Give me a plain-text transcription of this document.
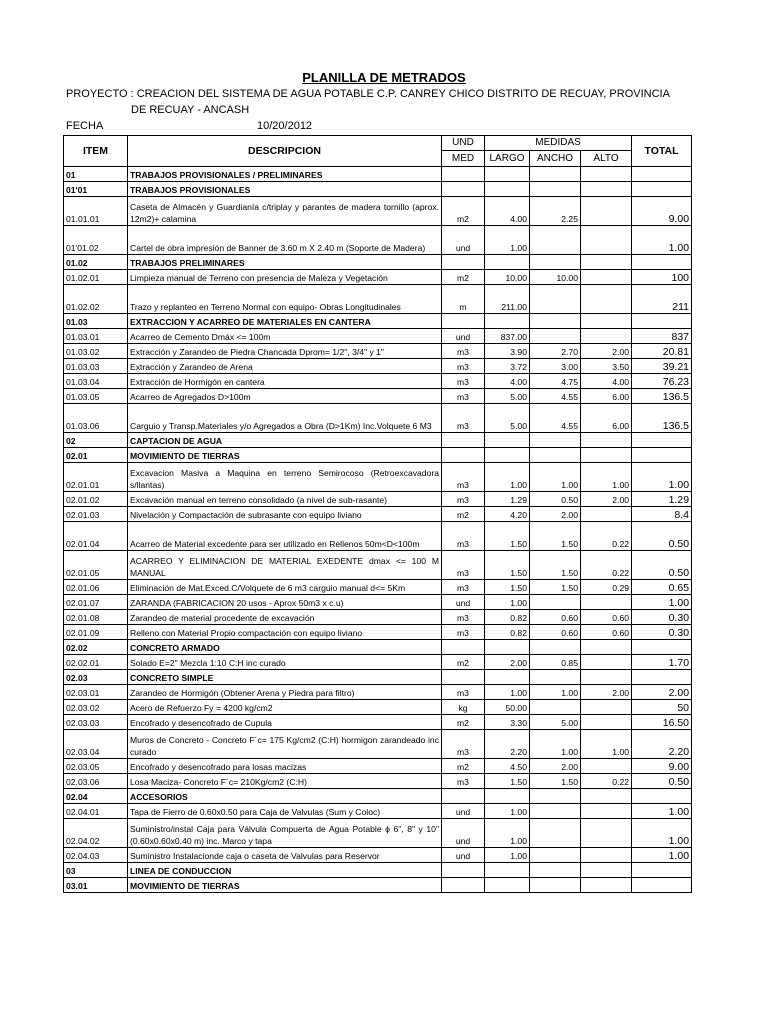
PLANILLA DE METRADOS
PROYECTO : CREACION DEL SISTEMA DE AGUA POTABLE C.P. CANREY CHICO DISTRITO DE RECUAY, PROVINCIA
DE RECUAY - ANCASH
FECHA	10/20/2012
ITEM	DESCRIPCION	UND	MEDIDAS			TOTAL
		MED	LARGO	ANCHO	ALTO	
01	TRABAJOS PROVISIONALES / PRELIMINARES					
01'01	TRABAJOS PROVISIONALES					
01.01.01	Caseta de Almacén y Guardianía c/triplay y parantes de madera tornillo (aprox. 12m2)+ calamina	m2	4.00	2.25		9.00
01'01.02	Cartel de obra impresión de Banner de 3.60 m X 2.40 m (Soporte de Madera)	und	1.00			1.00
01.02	TRABAJOS PRELIMINARES					
01.02.01	Limpieza manual de Terreno con presencia de Maleza y Vegetación	m2	10.00	10.00		100
01.02.02	Trazo y replanteo en Terreno Normal con equipo- Obras Longitudinales	m	211.00			211
01.03	EXTRACCION Y ACARREO DE MATERIALES EN CANTERA					
01.03.01	Acarreo de Cemento Dmáx <= 100m	und	837.00			837
01.03.02	Extracción y Zarandeo de Piedra Chancada Dprom= 1/2", 3/4" y 1"	m3	3.90	2.70	2.00	20.81
01.03.03	Extracción y Zarandeo de Arena	m3	3.72	3.00	3.50	39.21
01.03.04	Extracción de Hormigón en cantera	m3	4.00	4.75	4.00	76.23
01.03.05	Acarreo de Agregados D>100m	m3	5.00	4.55	6.00	136.5
01.03.06	Carguio y Transp.Materiales y/o Agregados a Obra (D>1Km) Inc.Volquete 6 M3	m3	5.00	4.55	6.00	136.5
02	CAPTACION DE AGUA					
02.01	MOVIMIENTO DE TIERRAS					
02.01.01	Excavacion Masiva a Maquina en terreno Semirocoso (Retroexcavadora s/llantas)	m3	1.00	1.00	1.00	1.00
02.01.02	Excavación manual en terreno consolidado (a nivel de sub-rasante)	m3	1.29	0.50	2.00	1.29
02.01.03	Nivelación y Compactación de subrasante con equipo liviano	m2	4.20	2.00		8.4
02.01.04	Acarreo de Material excedente para ser utilizado en Rellenos 50m<D<100m	m3	1.50	1.50	0.22	0.50
02.01.05	ACARREO Y ELIMINACION DE MATERIAL EXEDENTE dmax <= 100 M MANUAL	m3	1.50	1.50	0.22	0.50
02.01.06	Eliminación de Mat.Exced.C/Volquete de 6 m3 carguio manual d<= 5Km	m3	1.50	1.50	0.29	0.65
02.01.07	ZARANDA (FABRICACION 20 usos - Aprox 50m3 x c.u)	und	1.00			1.00
02.01.08	Zarandeo de material procedente de excavación	m3	0.82	0.60	0.60	0.30
02.01.09	Relleno con Material Propio compactación con equipo liviano	m3	0.82	0.60	0.60	0.30
02.02	CONCRETO ARMADO					
02.02.01	Solado E=2" Mezcla 1:10 C:H inc curado	m2	2.00	0.85		1.70
02.03	CONCRETO SIMPLE					
02.03.01	Zarandeo de Hormigón (Obtener Arena y Piedra para filtro)	m3	1.00	1.00	2.00	2.00
02.03.02	Acero de Refuerzo Fy = 4200 kg/cm2	kg	50.00			50
02.03.03	Encofrado y desencofrado de Cupula	m2	3.30	5.00		16.50
02.03.04	Muros de Concreto - Concreto F´c= 175 Kg/cm2 (C:H) hormigon zarandeado inc curado	m3	2.20	1.00	1.00	2.20
02.03.05	Encofrado y desencofrado para losas macizas	m2	4.50	2.00		9.00
02.03.06	Losa Maciza- Concreto F´c= 210Kg/cm2 (C:H)	m3	1.50	1.50	0.22	0.50
02.04	ACCESORIOS					
02.04.01	Tapa de Fierro de 0.60x0.50 para Caja de Valvulas (Sum y Coloc)	und	1.00			1.00
02.04.02	Suministro/instal Caja para Válvula Compuerta de Agua Potable ϕ 6", 8" y 10" (0.60x0.60x0.40 m) inc. Marco y tapa	und	1.00			1.00
02.04.03	Suministro Instalacionde caja o caseta de Valvulas para Reservor	und	1.00			1.00
03	LINEA DE CONDUCCION					
03.01	MOVIMIENTO DE TIERRAS					
